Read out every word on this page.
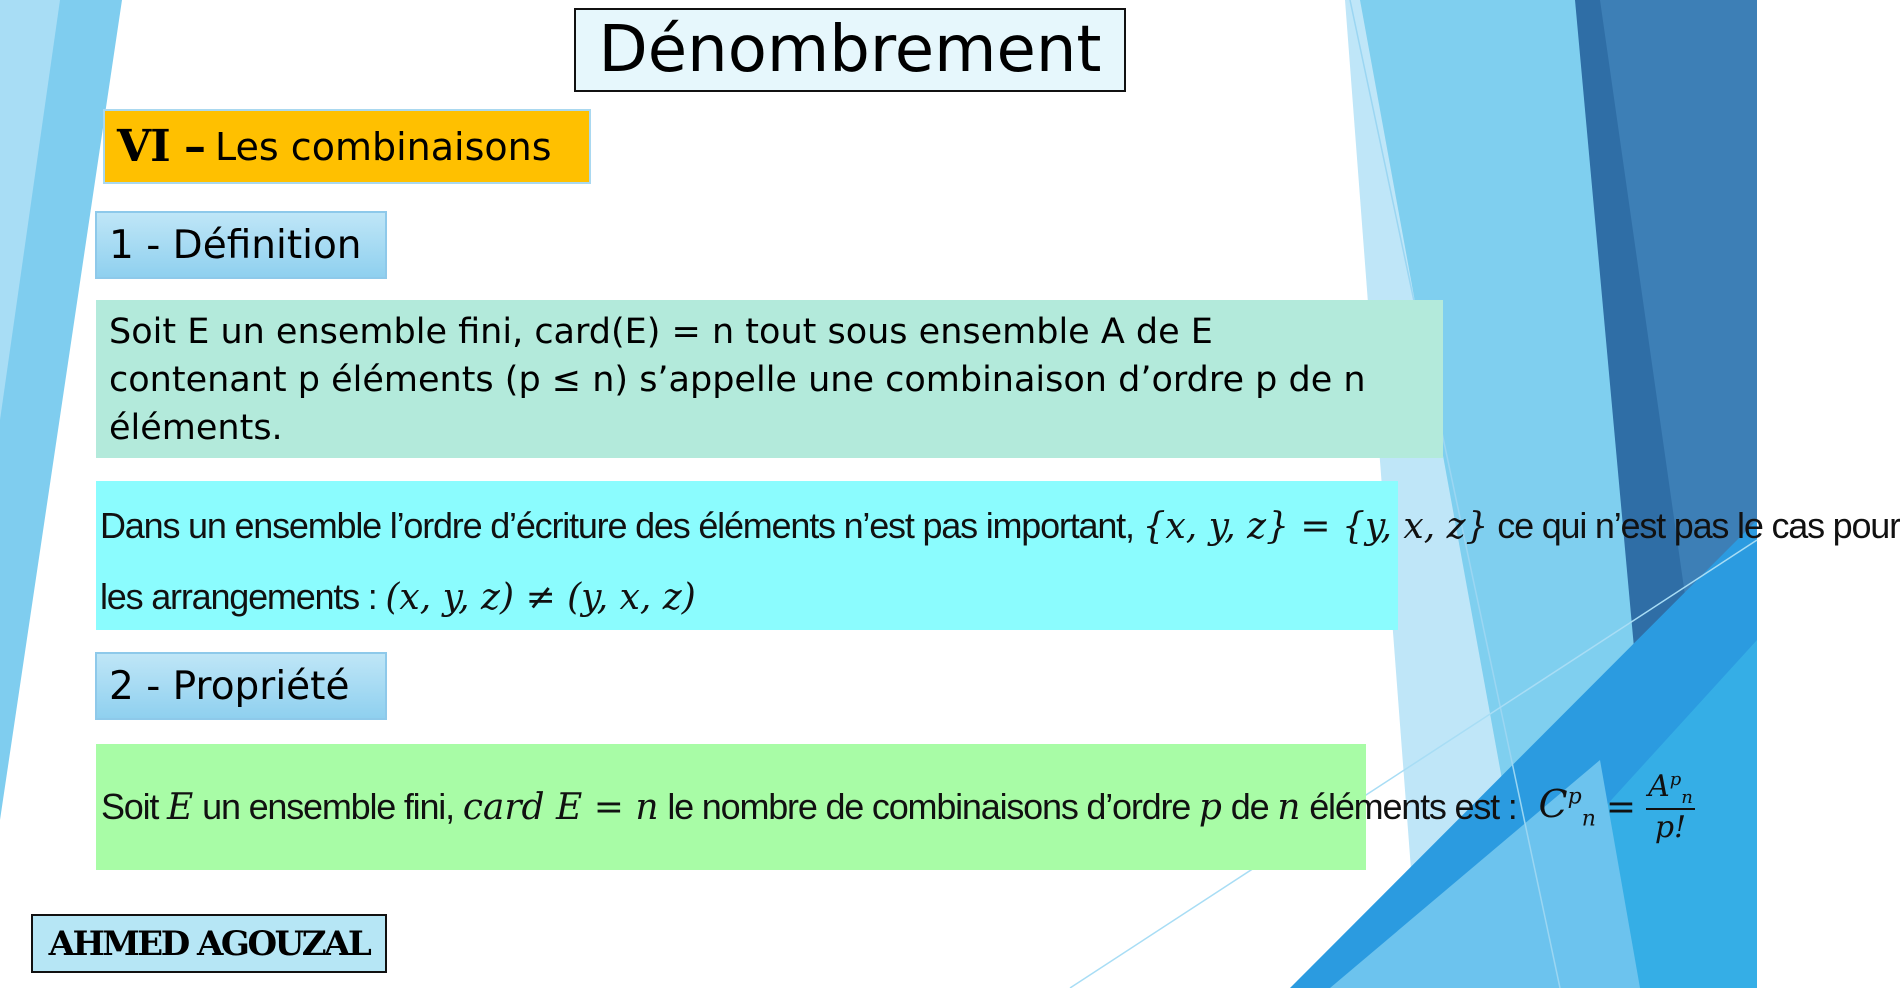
Dénombrement
VI – Les combinaisons
1 - Définition
Soit E un ensemble fini, card(E) = n tout sous ensemble A de E
contenant p éléments (p ≤ n) s’appelle une combinaison d’ordre p de n
éléments.
Dans un ensemble l’ordre d’écriture des éléments n’est pas important, {x, y, z} = {y, x, z} ce qui n’est pas le cas pour
les arrangements : (x, y, z) ≠ (y, x, z)
2 - Propriété
Soit
E
un ensemble fini,
card E = n
le nombre de combinaisons d’ordre
p
de
n
éléments est : $C^p_n = \frac{A^p_n}{p!}$
AHMED AGOUZAL
